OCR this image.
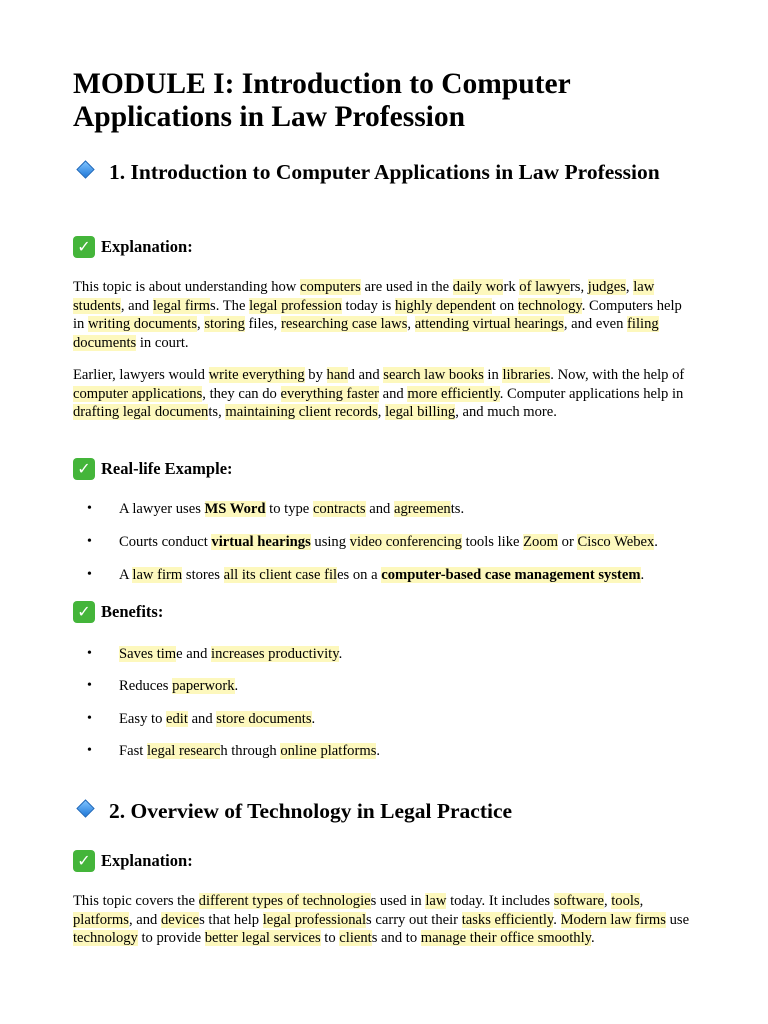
MODULE I: Introduction to Computer Applications in Law Profession
1. Introduction to Computer Applications in Law Profession
✓ Explanation:

This topic is about understanding how computers are used in the daily work of lawyers, judges, law students, and legal firms. The legal profession today is highly dependent on technology. Computers help in writing documents, storing files, researching case laws, attending virtual hearings, and even filing documents in court.

Earlier, lawyers would write everything by hand and search law books in libraries. Now, with the help of computer applications, they can do everything faster and more efficiently. Computer applications help in drafting legal documents, maintaining client records, legal billing, and much more.

✓ Real-life Example:
• A lawyer uses MS Word to type contracts and agreements.
• Courts conduct virtual hearings using video conferencing tools like Zoom or Cisco Webex.
• A law firm stores all its client case files on a computer-based case management system.
✓ Benefits:
• Saves time and increases productivity.
• Reduces paperwork.
• Easy to edit and store documents.
• Fast legal research through online platforms.
2. Overview of Technology in Legal Practice
✓ Explanation:

This topic covers the different types of technologies used in law today. It includes software, tools, platforms, and devices that help legal professionals carry out their tasks efficiently. Modern law firms use technology to provide better legal services to clients and to manage their office smoothly.
